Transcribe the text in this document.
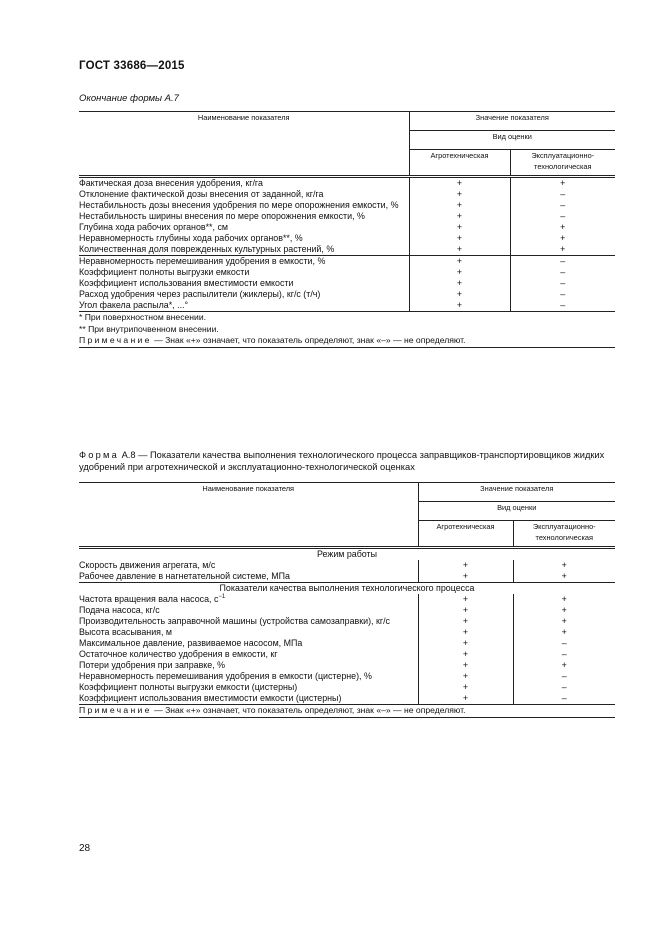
ГОСТ 33686—2015
Окончание формы А.7
Наименование показателя	Значение показателя	
	Вид оценки	
	Агротехническая	Эксплуатационно-технологическая
Фактическая доза внесения удобрения, кг/га	+	+
Отклонение фактической дозы внесения от заданной, кг/га	+	–
Нестабильность дозы внесения удобрения по мере опорожнения емкости, %	+	–
Нестабильность ширины внесения по мере опорожнения емкости, %	+	–
Глубина хода рабочих органов**, см	+	+
Неравномерность глубины хода рабочих органов**, %	+	+
Количественная доля поврежденных культурных растений, %	+	+
Неравномерность перемешивания удобрения в емкости, %	+	–
Коэффициент полноты выгрузки емкости	+	–
Коэффициент использования вместимости емкости	+	–
Расход удобрения через распылители (жиклеры), кг/с (т/ч)	+	–
Угол факела распыла*, ...°	+	–

* При поверхностном внесении.
** При внутрипочвенном внесении.
Примечание — Знак «+» означает, что показатель определяют, знак «–» — не определяют.		
Форма А.8 — Показатели качества выполнения технологического процесса заправщиков-транспортировщиков жидких удобрений при агротехнической и эксплуатационно-технологической оценках
Наименование показателя	Значение показателя	
	Вид оценки	
	Агротехническая	Эксплуатационно-технологическая
Режим работы		
Скорость движения агрегата, м/с	+	+
Рабочее давление в нагнетательной системе, МПа	+	+
Показатели качества выполнения технологического процесса		
Частота вращения вала насоса, $с^{-1}$	+	+
Подача насоса, кг/с	+	+
Производительность заправочной машины (устройства самозаправки), кг/с	+	+
Высота всасывания, м	+	+
Максимальное давление, развиваемое насосом, МПа	+	–
Остаточное количество удобрения в емкости, кг	+	–
Потери удобрения при заправке, %	+	+
Неравномерность перемешивания удобрения в емкости (цистерне), %	+	–
Коэффициент полноты выгрузки емкости (цистерны)	+	–
Коэффициент использования вместимости емкости (цистерны)	+	–

Примечание — Знак «+» означает, что показатель определяют, знак «–» — не определяют.		
28
